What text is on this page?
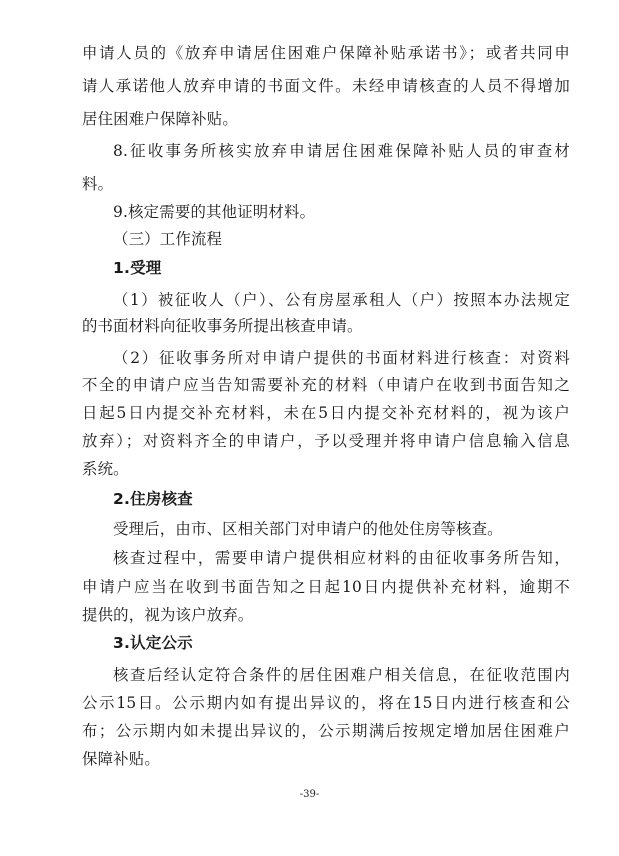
申请人员的《放弃申请居住困难户保障补贴承诺书》；或者共同申
请人承诺他人放弃申请的书面文件。未经申请核查的人员不得增加
居住困难户保障补贴。
8.征收事务所核实放弃申请居住困难保障补贴人员的审查材
料。
9.核定需要的其他证明材料。
（三）工作流程
1.受理
（1）被征收人（户）、公有房屋承租人（户）按照本办法规定
的书面材料向征收事务所提出核查申请。
（2）征收事务所对申请户提供的书面材料进行核查：对资料
不全的申请户应当告知需要补充的材料（申请户在收到书面告知之
日起5日内提交补充材料，未在5日内提交补充材料的，视为该户
放弃）；对资料齐全的申请户，予以受理并将申请户信息输入信息
系统。
2.住房核查
受理后，由市、区相关部门对申请户的他处住房等核查。
核查过程中，需要申请户提供相应材料的由征收事务所告知，
申请户应当在收到书面告知之日起10日内提供补充材料，逾期不
提供的，视为该户放弃。
3.认定公示
核查后经认定符合条件的居住困难户相关信息，在征收范围内
公示15日。公示期内如有提出异议的，将在15日内进行核查和公
布；公示期内如未提出异议的，公示期满后按规定增加居住困难户
保障补贴。
-39-
